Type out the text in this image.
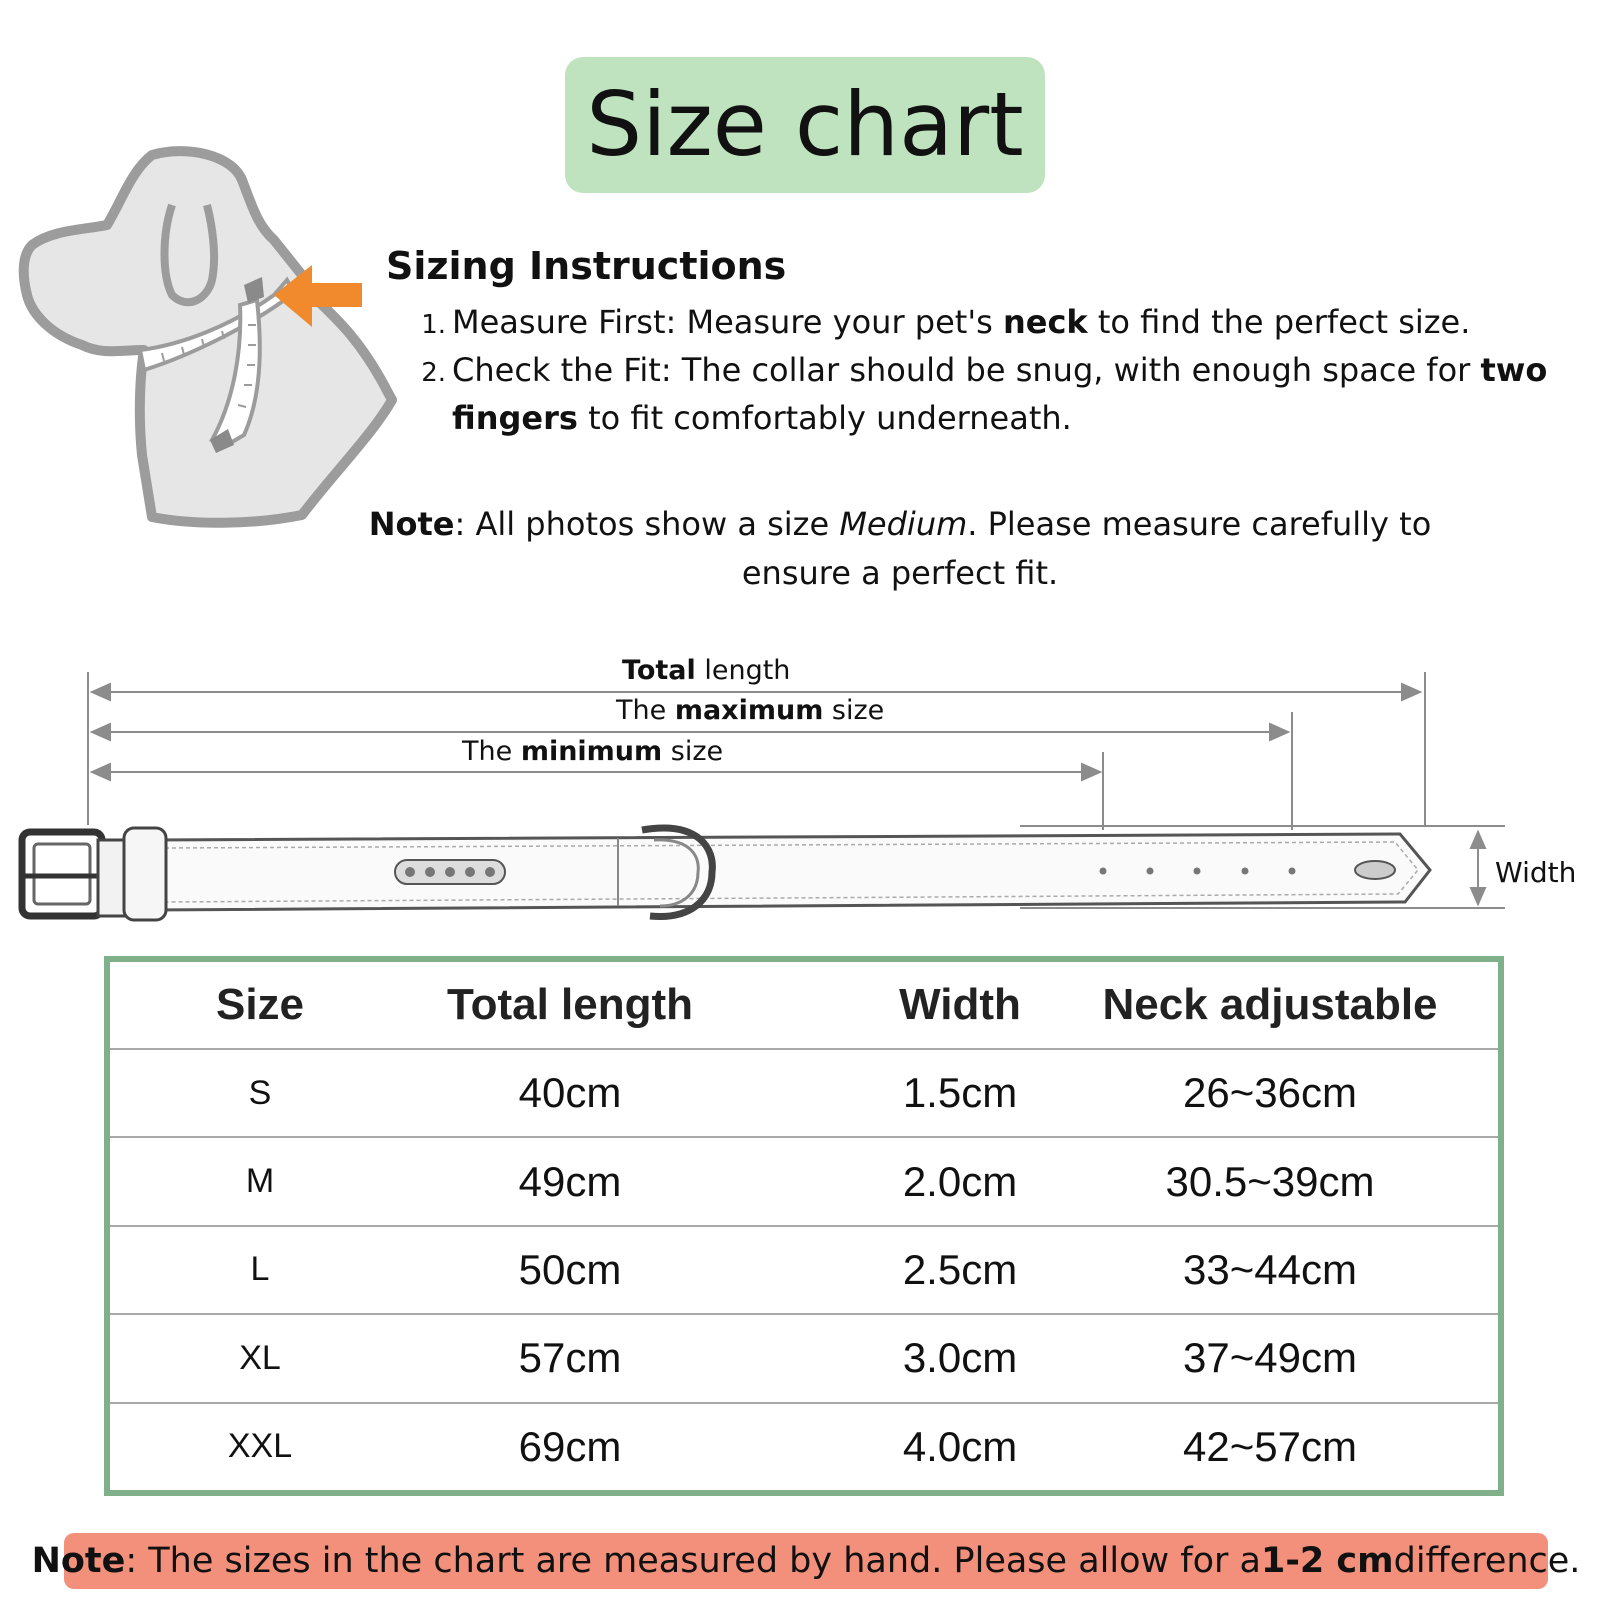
Size chart
Sizing Instructions
1. Measure First: Measure your pet's neck to find the perfect size.
2. Check the Fit: The collar should be snug, with enough space for two
fingers to fit comfortably underneath.
Note: All photos show a size Medium. Please measure carefully to
ensure a perfect fit.
Total length
The maximum size
The minimum size
Width
Size	Total length	Width	Neck adjustable
S	40cm	1.5cm	26~36cm
M	49cm	2.0cm	30.5~39cm
L	50cm	2.5cm	33~44cm
XL	57cm	3.0cm	37~49cm
XXL	69cm	4.0cm	42~57cm
Note : The sizes in the chart are measured by hand. Please allow for a 1-2 cm difference.
